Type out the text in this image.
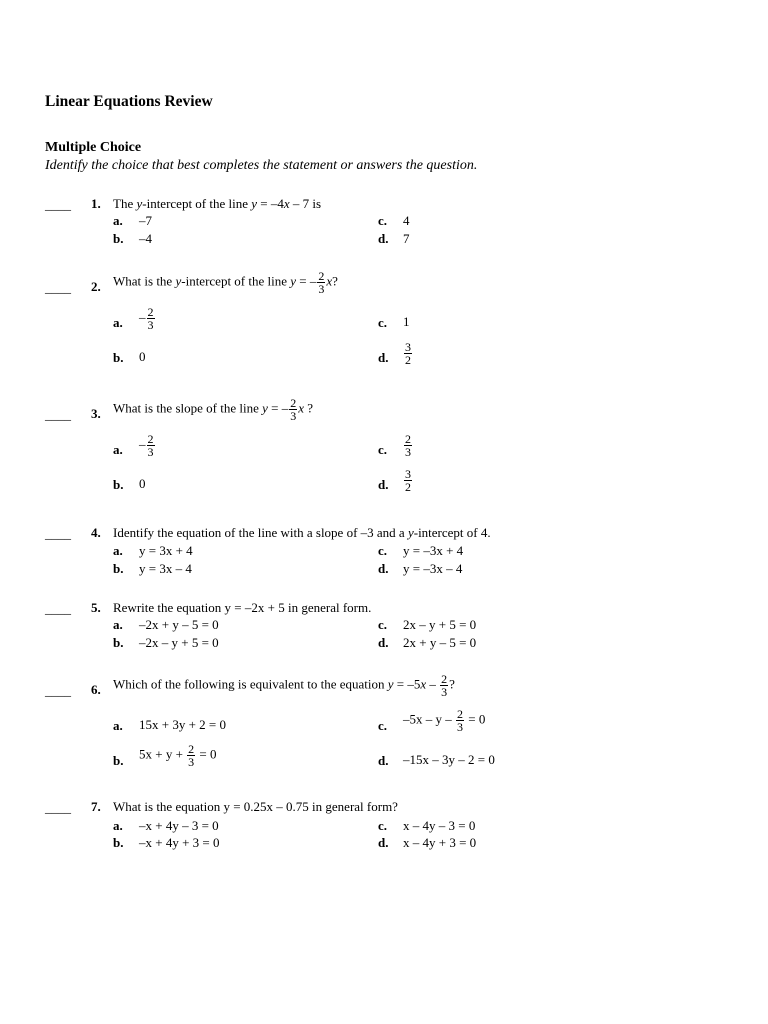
Linear Equations Review
Multiple Choice
Identify the choice that best completes the statement or answers the question.
____ 1. The y-intercept of the line y = –4x – 7 is
a. –7	c. 4
b. –4	d. 7
____ 2. What is the y-intercept of the line y = – $\frac{2}{3} x$?
a. – $\frac{2}{3}$	c. 1
b. 0	d. $\frac{3}{2}$
____ 3. What is the slope of the line y = – $\frac{2}{3}$ x ?
a. – $\frac{2}{3}$	c. $\frac{2}{3}$
b. 0	d. $\frac{3}{2}$
____ 4. Identify the equation of the line with a slope of –3 and a y-intercept of 4.
a. y = 3x + 4	c. y = –3x + 4
b. y = 3x – 4	d. y = –3x – 4
____ 5. Rewrite the equation y = –2x + 5 in general form.
a. –2x + y – 5 = 0	c. 2x – y + 5 = 0
b. –2x – y + 5 = 0	d. 2x + y – 5 = 0
____ 6. Which of the following is equivalent to the equation $y = -5x - \frac{2}{3}$ ?
a. 15x + 3y + 2 = 0	c. $-5x - y - \frac{2}{3} = 0$
b. $5x + y + \frac{2}{3} = 0$	d. –15x – 3y – 2 = 0
____ 7. What is the equation y = 0.25x – 0.75 in general form?
a. –x + 4y – 3 = 0	c. x – 4y – 3 = 0
b. –x + 4y + 3 = 0	d. x – 4y + 3 = 0
